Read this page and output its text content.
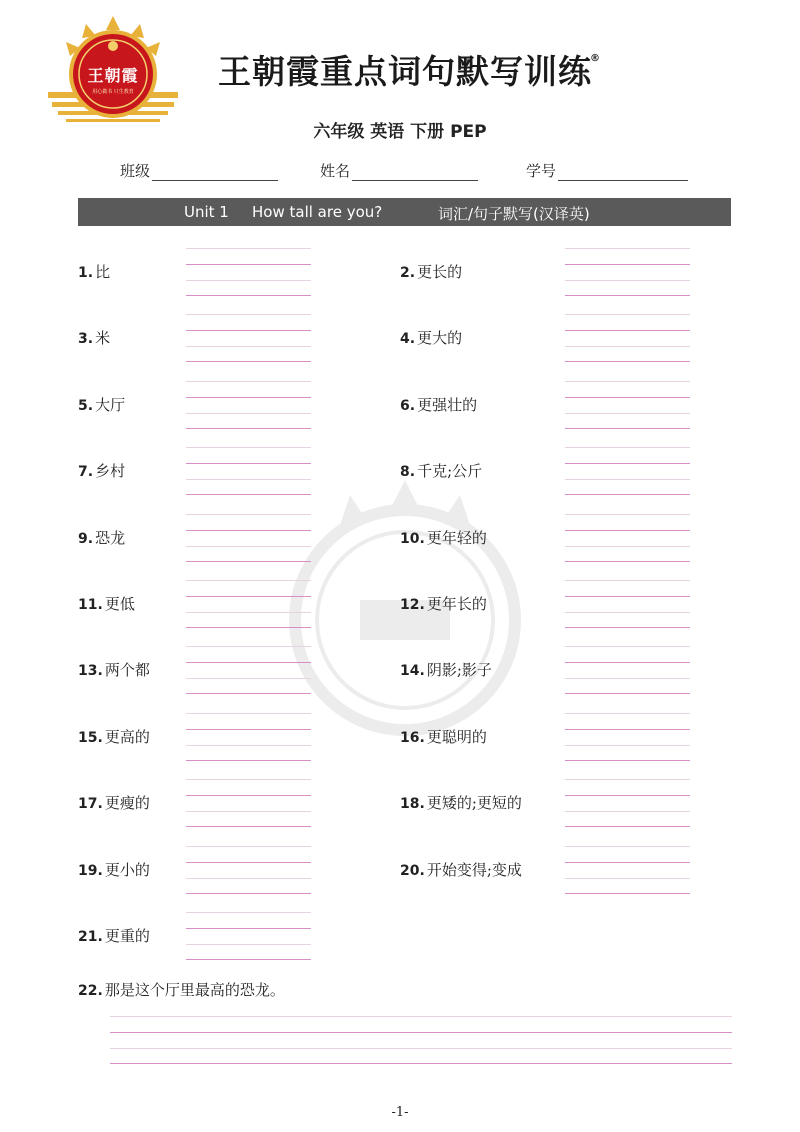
王朝霞
用心做书 只生教育
王朝霞重点词句默写训练®
六年级 英语 下册 PEP
班级	姓名	学号
Unit 1 How tall are you?	词汇/句子默写(汉译英)
1. 比	2. 更长的
3. 米	4. 更大的
5. 大厅	6. 更强壮的
7. 乡村	8. 千克;公斤
9. 恐龙	10. 更年轻的
11. 更低	12. 更年长的
13. 两个都	14. 阴影;影子
15. 更高的	16. 更聪明的
17. 更瘦的	18. 更矮的;更短的
19. 更小的	20. 开始变得;变成
21. 更重的
22. 那是这个厅里最高的恐龙。
-1-
